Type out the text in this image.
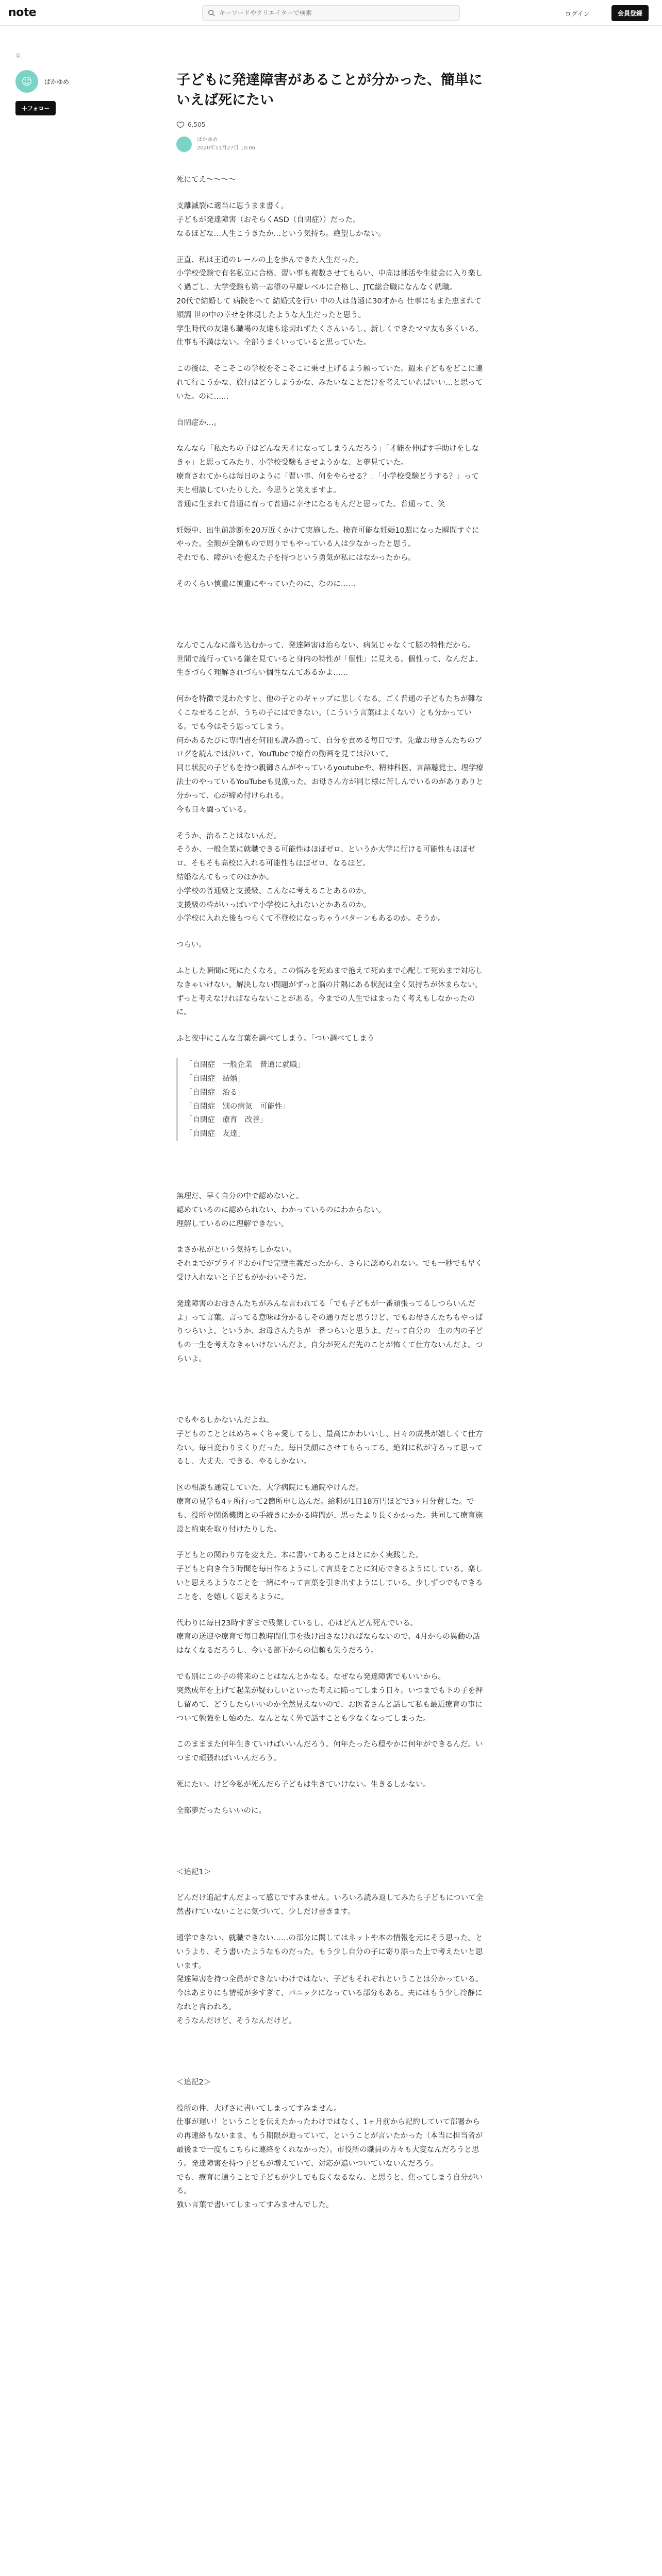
note
キーワードやクリエイターで検索	ログイン	会員登録
見
☺	ぱかゆめ
＋フォロー
子どもに発達障害があることが分かった、簡単にいえば死にたい
6,505
ぱかゆめ
2020年11月27日 10:06

死にてえ〜〜〜〜

支離滅裂に適当に思うまま書く。
子どもが発達障害（おそらくASD（自閉症））だった。
なるほどな…人生こうきたか…という気持ち。絶望しかない。

正直、私は王道のレールの上を歩んできた人生だった。
小学校受験で有名私立に合格、習い事も複数させてもらい、中高は部活や生徒会に入り楽しく過ごし、大学受験も第一志望の早慶レベルに合格し、JTC総合職になんなく就職。
20代で結婚して 病院をへて 結婚式を行い 中の人は普通に30才から 仕事にもまた恵まれて 順調 世の中の幸せを体現したような人生だったと思う。
学生時代の友達も職場の友達も途切れずたくさんいるし、新しくできたママ友も多くいる。仕事も不満はない。全部うまくいっていると思っていた。

この後は、そこそこの学校をそこそこに乗せ上げるよう願っていた。週末子どもをどこに連れて行こうかな、旅行はどうしようかな、みたいなことだけを考えていればいい…と思っていた。のに……

自閉症か…。

なんなら「私たちの子はどんな天才になってしまうんだろう」「才能を伸ばす手助けをしなきゃ」と思ってみたり、小学校受験もさせようかな、と夢見ていた。
療育されてからは毎日のように「習い事、何をやらせる？」「小学校受験どうする？」って夫と相談していたりした。今思うと笑えますよ。
普通に生まれて普通に育って普通に幸せになるもんだと思ってた。普通って、笑

妊娠中、出生前診断を20万近くかけて実施した。検査可能な妊娠10週になった瞬間すぐにやった。全額が全額もので周りでもやっている人は少なかったと思う。
それでも、障がいを抱えた子を持つという勇気が私にはなかったから。

そのくらい慎重に慎重にやっていたのに、なのに……

なんでこんなに落ち込むかって、発達障害は治らない、病気じゃなくて脳の特性だから。
世間で流行っている鎌を見ていると身内の特性が「個性」に見える。個性って、なんだよ、生きづらく理解されづらい個性なんてあるかよ……

何かを特徴で見わたすと、他の子とのギャップに悲しくなる。ごく普通の子どもたちが難なくこなせることが、うちの子にはできない。（こういう言葉はよくない）とも分かっている。でも今はそう思ってしまう。
何かあるたびに専門書を何冊も読み漁って、自分を責める毎日です。先輩お母さんたちのブログを読んでは泣いて、YouTubeで療育の動画を見ては泣いて。
同じ状況の子どもを持つ親御さんがやっているyoutubeや、精神科医、言語聴覚士、理学療法士のやっているYouTubeも見漁った。お母さん方が同じ様に苦しんでいるのがありありと分かって、心が締め付けられる。
今も日々闘っている。

そうか、治ることはないんだ。
そうか、一般企業に就職できる可能性はほぼゼロ、というか大学に行ける可能性もほぼゼロ、そもそも高校に入れる可能性もほぼゼロ、なるほど。
結婚なんてもってのほかか。
小学校の普通級と支援級、こんなに考えることあるのか。
支援級の枠がいっぱいで小学校に入れないとかあるのか。
小学校に入れた後もつらくて不登校になっちゃうパターンもあるのか。そうか。

つらい。

ふとした瞬間に死にたくなる。この悩みを死ぬまで抱えて死ぬまで心配して死ぬまで対応しなきゃいけない。解決しない問題がずっと脳の片隅にある状況は全く気持ちが休まらない。ずっと考えなければならないことがある。今までの人生ではまったく考えもしなかったのに。

ふと夜中にこんな言葉を調べてしまう。「つい調べてしまう

「自閉症　一般企業　普通に就職」
「自閉症　結婚」
「自閉症　治る」
「自閉症　別の病気　可能性」
「自閉症　療育　改善」
「自閉症　友達」

無理だ、早く自分の中で認めないと。
認めているのに認められない、わかっているのにわからない。
理解しているのに理解できない。

まさか私がという気持ちしかない。
それまでがプライドおかげで完璧主義だったから、さらに認められない。でも一秒でも早く受け入れないと子どもがかわいそうだ。

発達障害のお母さんたちがみんな言われてる「でも子どもが一番頑張ってるしつらいんだよ」って言葉。言ってる意味は分かるしその通りだと思うけど、でもお母さんたちもやっぱりつらいよ。というか、お母さんたちが一番つらいと思うよ。だって自分の一生の内の子どもの一生を考えなきゃいけないんだよ。自分が死んだ先のことが怖くて仕方ないんだよ。つらいよ。

でもやるしかないんだよね。
子どものこととはめちゃくちゃ愛してるし、最高にかわいいし、日々の成長が嬉しくて仕方ない。毎日変わりまくりだった。毎日笑顔にさせてもらってる。絶対に私が守るって思ってるし、大丈夫、できる、やるしかない。

区の相談も通院していた、大学病院にも通院やけんだ。
療育の見学も4ヶ所行って2箇所申し込んだ。給料が1日18万円ほどで3ヶ月分費した。でも、役所や関係機関との手続きにかかる時間が、思ったより長くかかった。共同して療育施設と約束を取り付けたりした。

子どもとの関わり方を変えた。本に書いてあることはとにかく実践した。
子どもと向き合う時間を毎日作るようにして言葉をことに対応できるようにしている。楽しいと思えるようなことを一緒にやって言葉を引き出すようにしている。少しずつでもできることを、を嬉しく思えるように。

代わりに毎日23時すぎまで残業しているし、心はどんどん死んでいる。
療育の送迎や療育で毎日教時間仕事を抜け出さなければならないので、4月からの異動の話はなくなるだろうし、今いる部下からの信頼も失うだろう。

でも別にこの子の将来のことはなんとかなる。なぜなら発達障害でもいいから。
突然成年を上げて起業が疑わしいといった考えに陥ってしまう日々。いつまでも下の子を押し留めて、どうしたらいいのか全然見えないので、お医者さんと話して私も最近療育の事について勉強をし始めた。なんとなく外で話すことも少なくなってしまった。

このまままた何年生きていけばいいんだろう。何年たったら穏やかに何年ができるんだ。いつまで頑張ればいいんだろう。

死にたい。けど今私が死んだら子どもは生きていけない。生きるしかない。

全部夢だったらいいのに。

＜追記1＞

どんだけ追記すんだよって感じですみません。いろいろ読み返してみたら子どもについて全然書けていないことに気づいて、少しだけ書きます。

通学できない、就職できない……の部分に関してはネットや本の情報を元にそう思った。というより、そう書いたようなものだった。もう少し自分の子に寄り添った上で考えたいと思います。
発達障害を持つ全員ができないわけではない、子どもそれぞれということは分かっている。今はあまりにも情報が多すぎて、パニックになっている部分もある。夫にはもう少し冷静になれと言われる。
そうなんだけど、そうなんだけど。

＜追記2＞

役所の件、大げさに書いてしまってすみません。
仕事が遅い！ということを伝えたかったわけではなく、1ヶ月前から記約していて部署からの再連絡もないまま、もう期限が迫っていて、ということが言いたかった（本当に担当者が最後まで一度もこちらに連絡をくれなかった）。市役所の職員の方々も大変なんだろうと思う。発達障害を持つ子どもが増えていて、対応が追いついていないんだろう。
でも、療育に通うことで子どもが少しでも良くなるなら、と思うと、焦ってしまう自分がいる。
強い言葉で書いてしまってすみませんでした。
